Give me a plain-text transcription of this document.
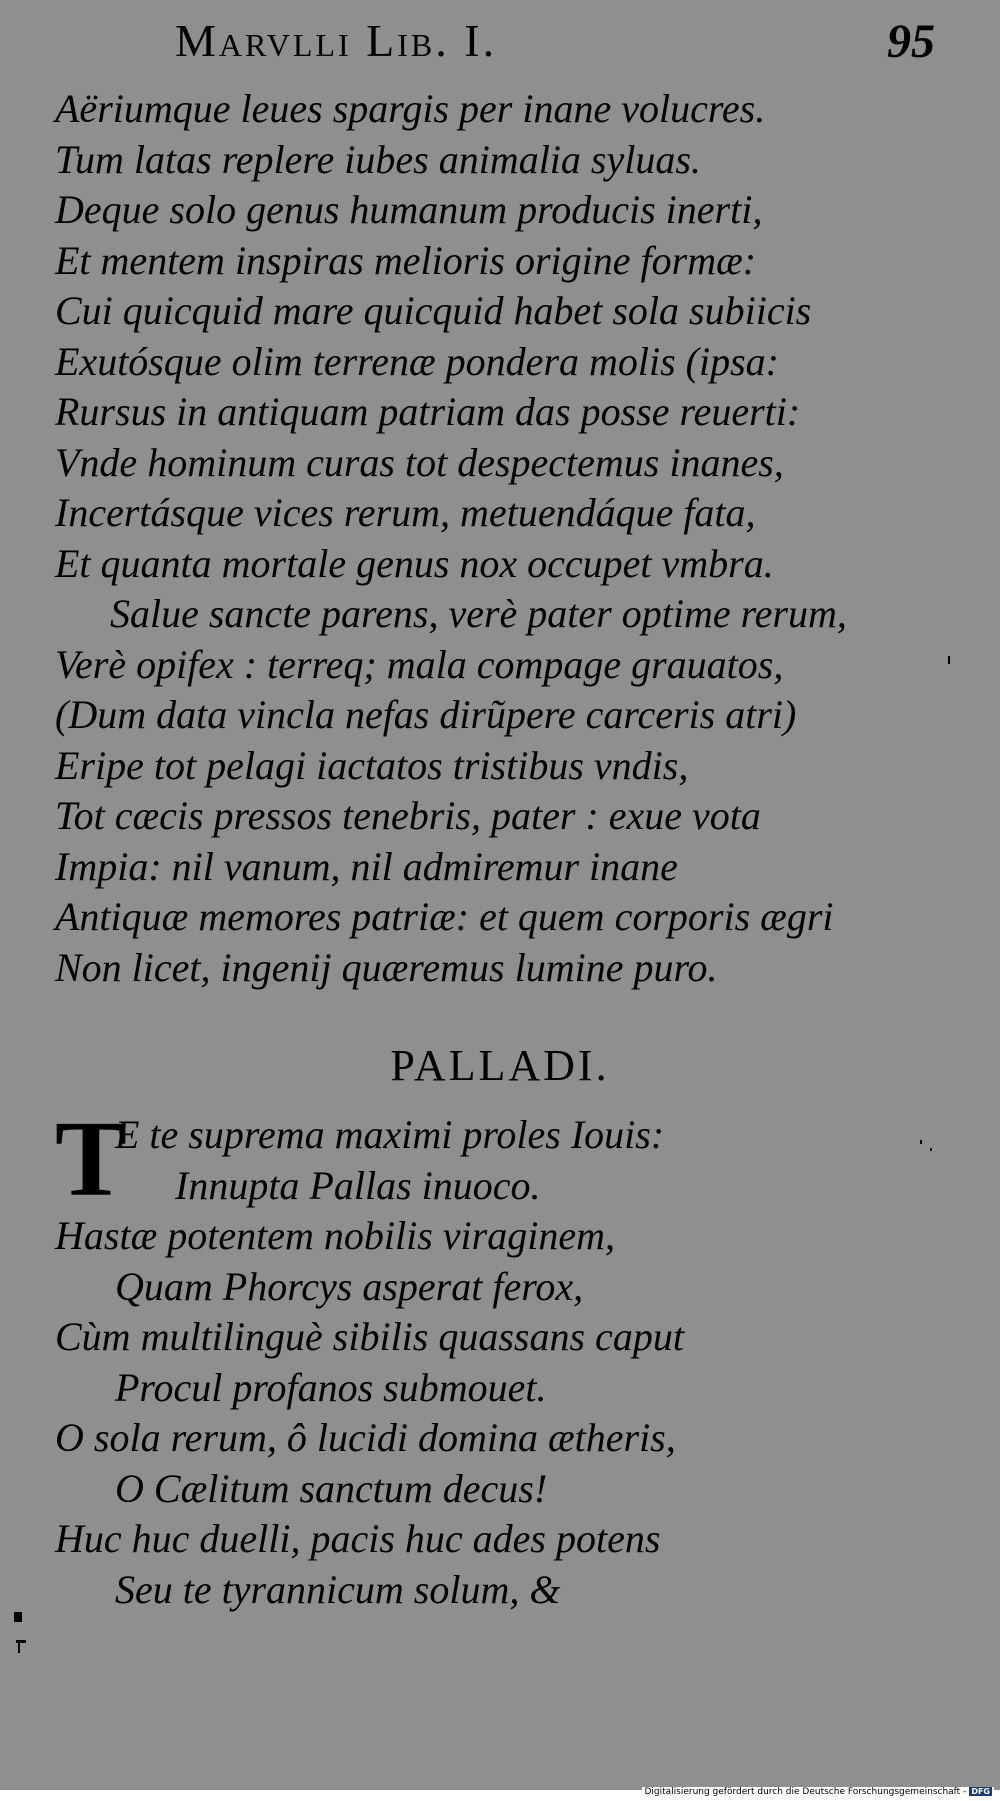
Marvlli Lib. I.	95
Aëriumque leues spargis per inane volucres.
Tum latas replere iubes animalia syluas.
Deque solo genus humanum producis inerti,
Et mentem inspiras melioris origine formæ:
Cui quicquid mare quicquid habet sola subiicis
Exutósque olim terrenæ pondera molis (ipsa:
Rursus in antiquam patriam das posse reuerti:
Vnde hominum curas tot despectemus inanes,
Incertásque vices rerum, metuendáque fata,
Et quanta mortale genus nox occupet vmbra.
Salue sancte parens, verè pater optime rerum,
Verè opifex : terreq; mala compage grauatos,
(Dum data vincla nefas dirũpere carceris atri)
Eripe tot pelagi iactatos tristibus vndis,
Tot cæcis pressos tenebris, pater : exue vota
Impia: nil vanum, nil admiremur inane
Antiquæ memores patriæ: et quem corporis ægri
Non licet, ingenij quæremus lumine puro.
PALLADI.
T
E te suprema maximi proles Iouis:
Innupta Pallas inuoco.
Hastæ potentem nobilis viraginem,
Quam Phorcys asperat ferox,
Cùm multilinguè sibilis quassans caput
Procul profanos submouet.
O sola rerum, ô lucidi domina ætheris,
O Cælitum sanctum decus!
Huc huc duelli, pacis huc ades potens
Seu te tyrannicum solum, &
Digitalisierung gefördert durch die Deutsche Forschungsgemeinschaft - DFG
